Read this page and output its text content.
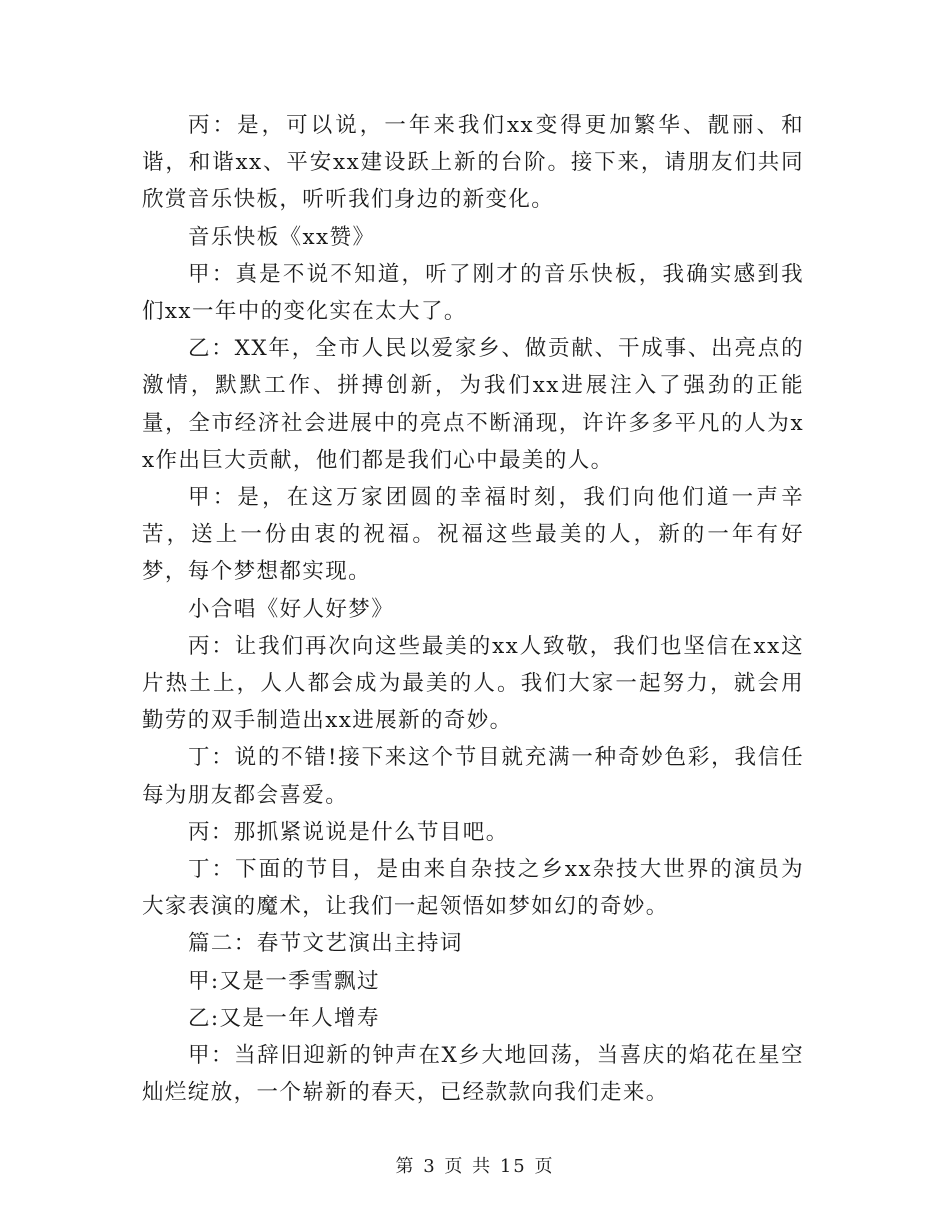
丙：是，可以说，一年来我们xx变得更加繁华、靓丽、和谐，和谐xx、平安xx建设跃上新的台阶。接下来，请朋友们共同欣赏音乐快板，听听我们身边的新变化。

音乐快板《xx赞》

甲：真是不说不知道，听了刚才的音乐快板，我确实感到我们xx一年中的变化实在太大了。

乙：XX年，全市人民以爱家乡、做贡献、干成事、出亮点的激情，默默工作、拼搏创新，为我们xx进展注入了强劲的正能量，全市经济社会进展中的亮点不断涌现，许许多多平凡的人为xx作出巨大贡献，他们都是我们心中最美的人。

甲：是，在这万家团圆的幸福时刻，我们向他们道一声辛苦，送上一份由衷的祝福。祝福这些最美的人，新的一年有好梦，每个梦想都实现。

小合唱《好人好梦》

丙：让我们再次向这些最美的xx人致敬，我们也坚信在xx这片热土上，人人都会成为最美的人。我们大家一起努力，就会用勤劳的双手制造出xx进展新的奇妙。

丁：说的不错!接下来这个节目就充满一种奇妙色彩，我信任每为朋友都会喜爱。

丙：那抓紧说说是什么节目吧。

丁：下面的节目，是由来自杂技之乡xx杂技大世界的演员为大家表演的魔术，让我们一起领悟如梦如幻的奇妙。

篇二：春节文艺演出主持词

甲:又是一季雪飘过

乙:又是一年人增寿

甲：当辞旧迎新的钟声在X乡大地回荡，当喜庆的焰花在星空灿烂绽放，一个崭新的春天，已经款款向我们走来。

第 3 页 共 15 页
